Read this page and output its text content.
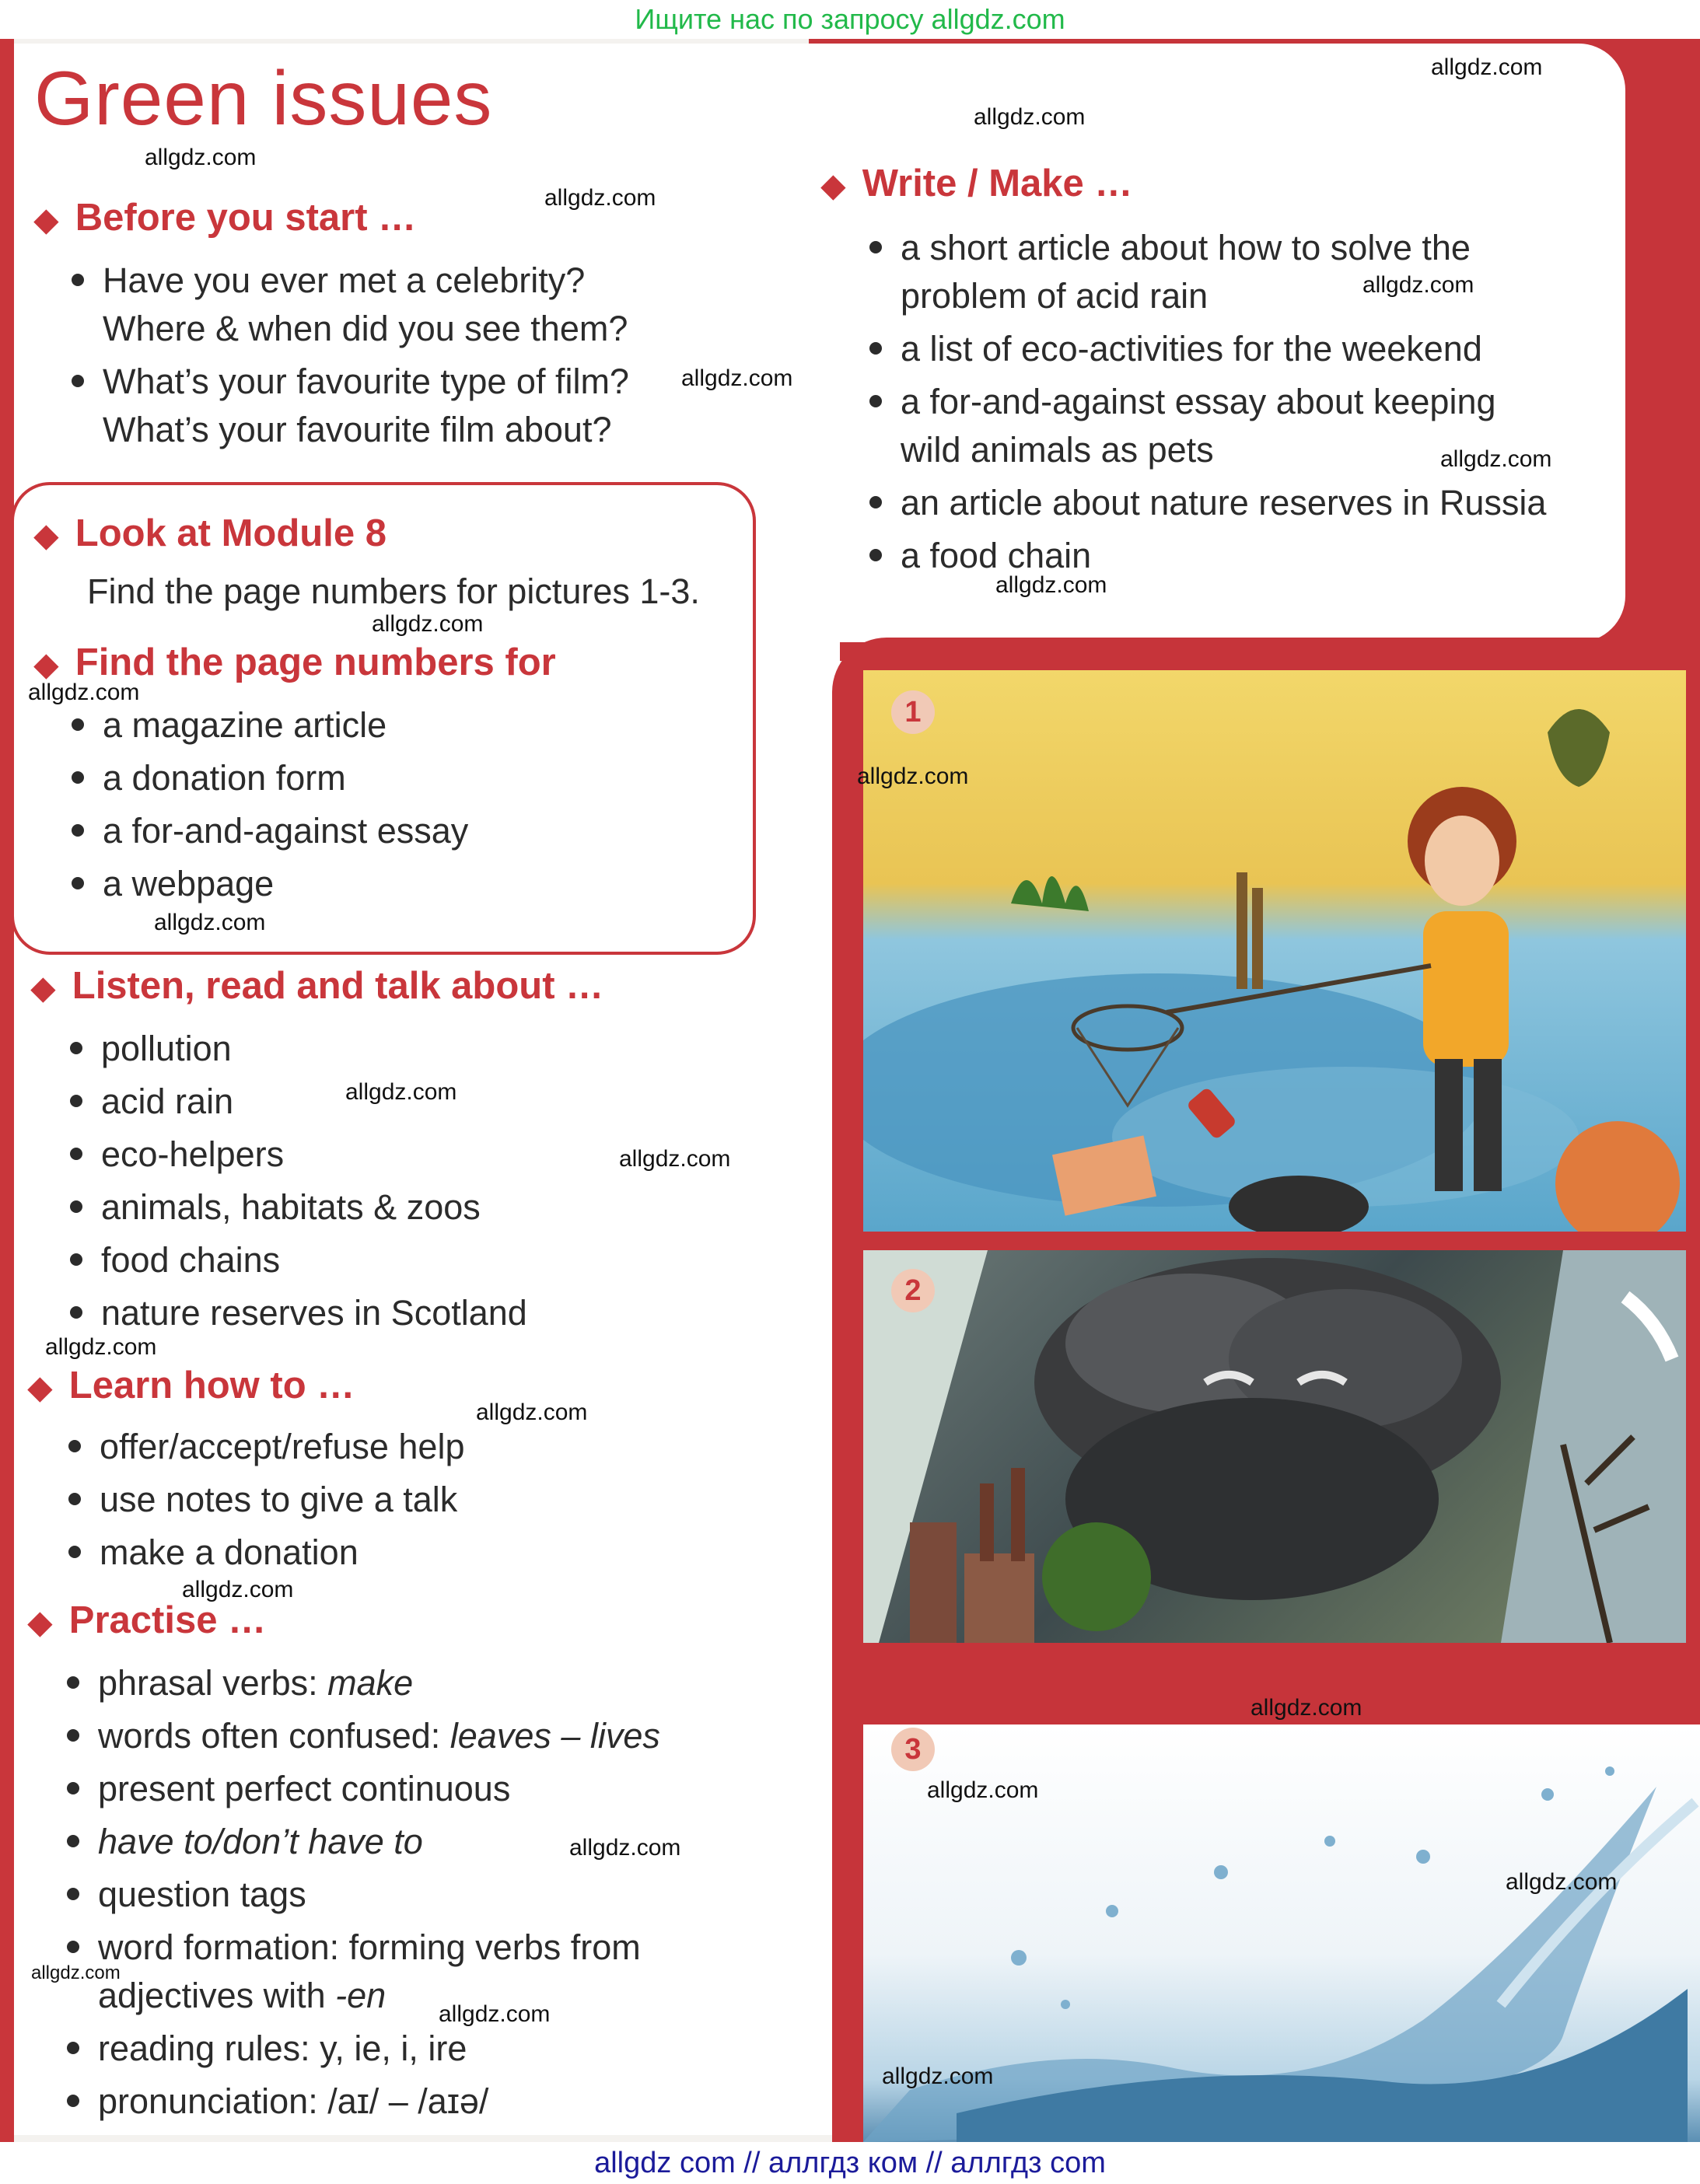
Ищите нас по запросу allgdz.com
Green issues
◆ Before you start …
Have you ever met a celebrity?
Where & when did you see them?
What’s your favourite type of film?
What’s your favourite film about?
◆ Write / Make …
a short article about how to solve the
problem of acid rain
a list of eco-activities for the weekend
a for-and-against essay about keeping
wild animals as pets
an article about nature reserves in Russia
a food chain
◆ Look at Module 8
Find the page numbers for pictures 1-3.
◆ Find the page numbers for
a magazine article
a donation form
a for-and-against essay
a webpage
◆ Listen, read and talk about …
pollution
acid rain
eco-helpers
animals, habitats & zoos
food chains
nature reserves in Scotland
◆ Learn how to …
offer/accept/refuse help
use notes to give a talk
make a donation
◆ Practise …
phrasal verbs: make
words often confused: leaves – lives
present perfect continuous
have to/don’t have to
question tags
word formation: forming verbs from
adjectives with -en
reading rules: y, ie, i, ire
pronunciation: /aɪ/ – /aɪə/
1
2
3
allgdz.com
allgdz.com
allgdz.com
allgdz.com
allgdz.com
allgdz.com
allgdz.com
allgdz.com
allgdz.com
allgdz.com
allgdz.com
allgdz.com
allgdz.com
allgdz.com
allgdz.com
allgdz.com
allgdz.com
allgdz.com
allgdz.com
allgdz.com
allgdz.com
allgdz.com
allgdz.com
allgdz.com
allgdz com // аллгдз ком // аллгдз com
